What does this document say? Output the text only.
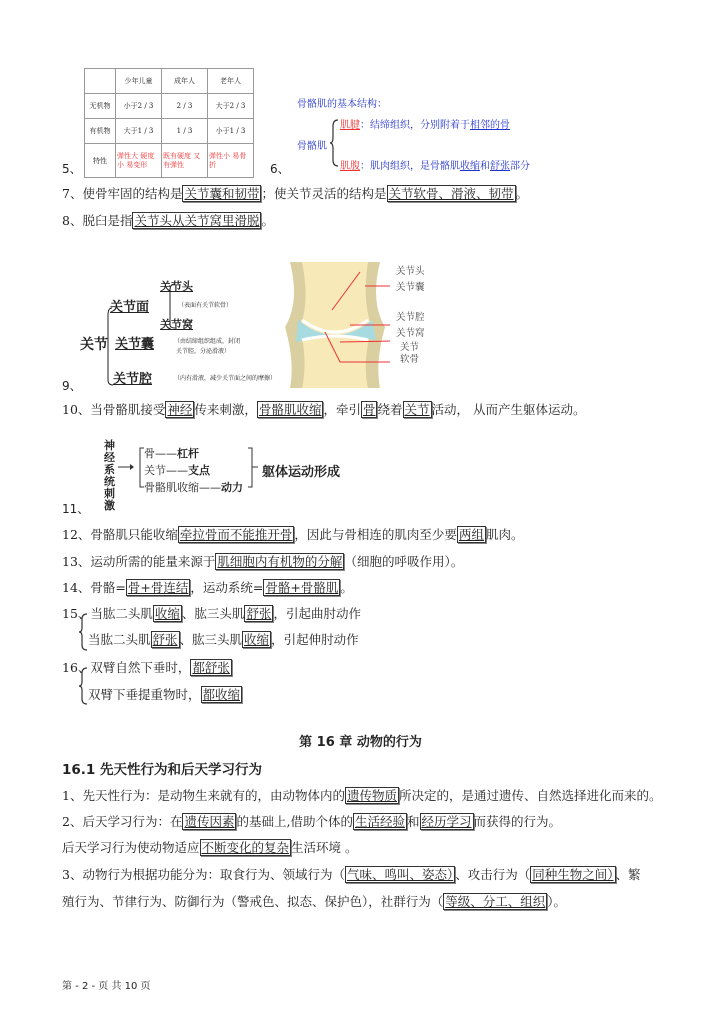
5、
	少年儿童	成年人	老年人
无机物	小于2 / 3	2 / 3	大于2 / 3
有机物	大于1 / 3	1 / 3	小于1 / 3
特性	弹性大 硬度小 易变形	既有硬度 又有弹性	弹性小 易骨折	6、
骨骼肌的基本结构：
骨骼肌
肌腱：结缔组织，分别附着于相邻的骨
肌腹：肌肉组织，是骨骼肌收缩和舒张部分
9、
关节
关节面
关节头
（表面有关节软骨）
关节窝
关节囊	（由结缔组织组成，封闭
关节腔，分泌滑液）
关节腔	（内有滑液，减少关节面之间的摩擦）
关节头
关节囊
关节腔
关节窝
关节
软骨
11、
神经系统刺激
骨——杠杆
关节——支点
骨骼肌收缩——动力
躯体运动形成
7、使骨牢固的结构是 关节囊和韧带 ；使关节灵活的结构是 关节软骨、滑液、韧带 。
8、脱臼是指 关节头从关节窝里滑脱 。
10、当骨骼肌接受 神经 传来刺激， 骨骼肌收缩 ，牵引 骨 绕着 关节 活动， 从而产生躯体运动。
12、骨骼肌只能收缩 牵拉骨而不能推开骨 ，因此与骨相连的肌肉至少要 两组 肌肉。
13、运动所需的能量来源于 肌细胞内有机物的分解 （细胞的呼吸作用）。
14、骨骼= 骨+骨连结 ，运动系统= 骨骼+骨骼肌 。
15、当肱二头肌 收缩 、肱三头肌 舒张 ，引起曲肘动作
当肱二头肌 舒张 、肱三头肌 收缩 ，引起伸肘动作
16、双臂自然下垂时， 都舒张
双臂下垂提重物时， 都收缩
1、先天性行为：是动物生来就有的，由动物体内的 遗传物质 所决定的，是通过遗传、自然选择进化而来的。
2、后天学习行为：在 遗传因素 的基础上,借助个体的 生活经验 和 经历学习 而获得的行为。
后天学习行为使动物适应 不断变化的复杂 生活环境 。
3、动物行为根据功能分为：取食行为、领域行为（ 气味、鸣叫、姿态） 、攻击行为（ 同种生物之间） 、繁
殖行为、节律行为、防御行为（警戒色、拟态、保护色），社群行为（ 等级、分工、组织 ）。
第 16 章 动物的行为
16.1 先天性行为和后天学习行为
第 - 2 - 页 共 10 页
